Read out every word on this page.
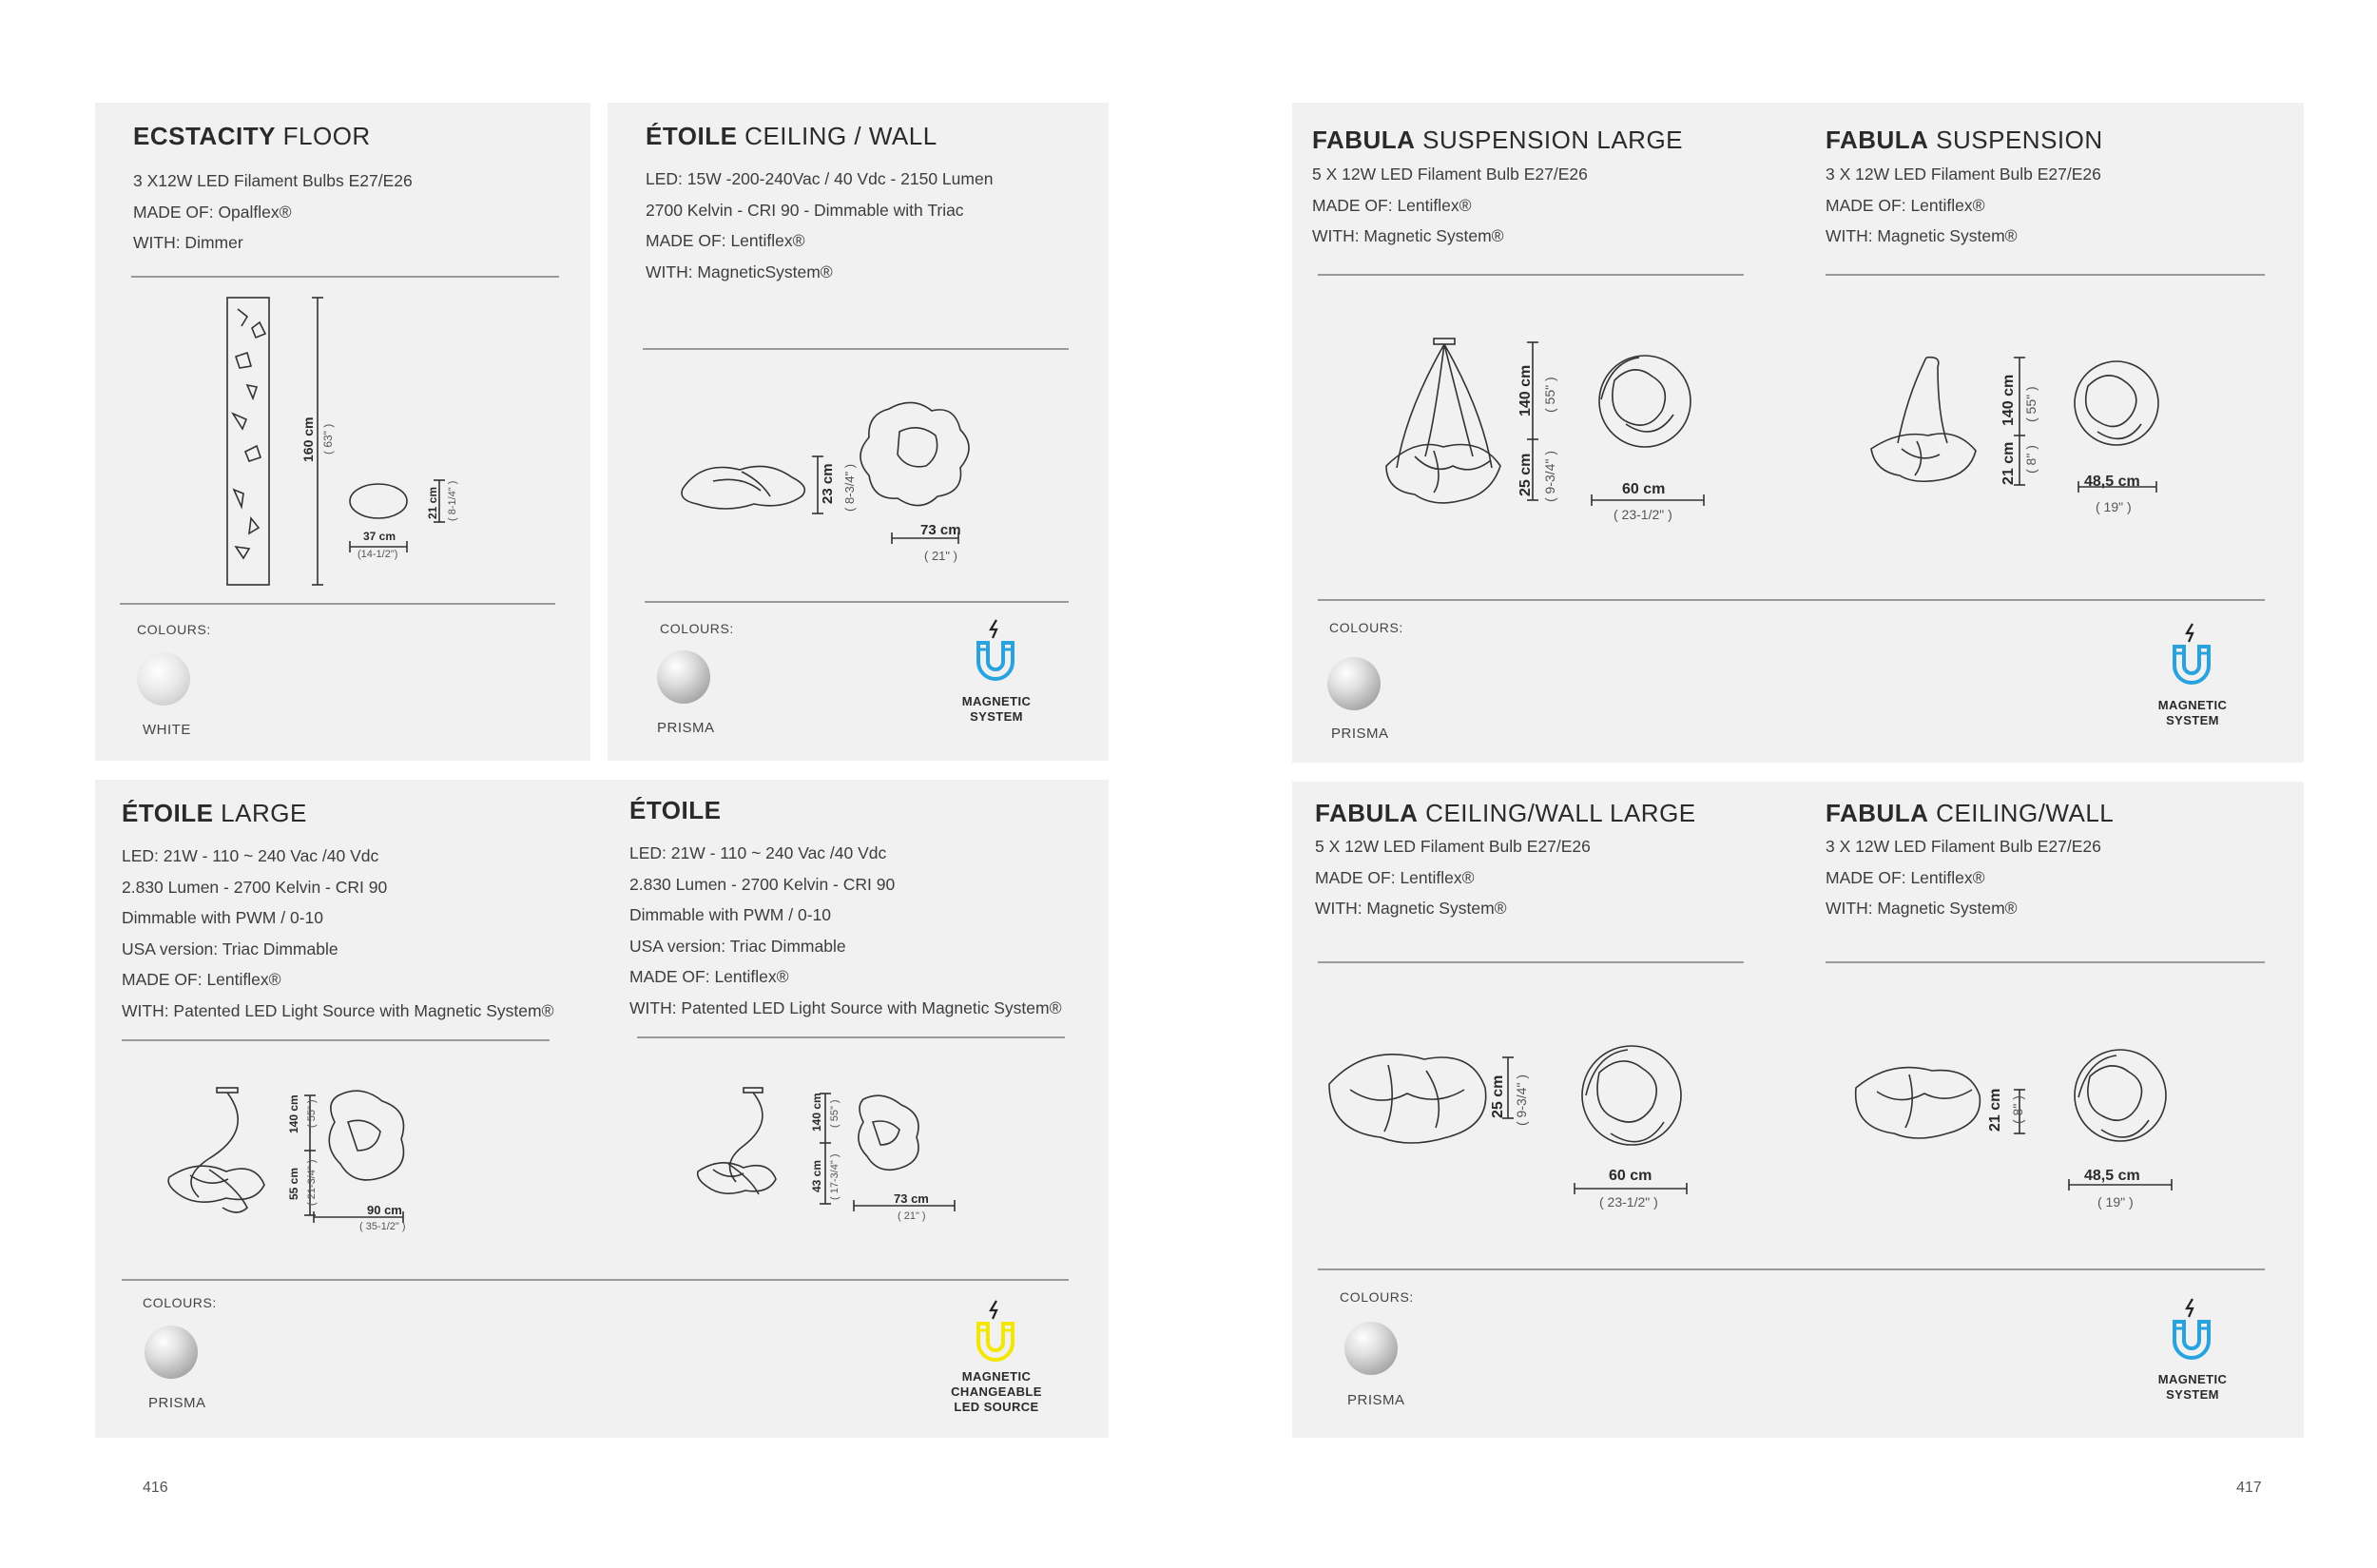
ECSTACITY FLOOR
3 X12W LED Filament Bulbs E27/E26
MADE OF: Opalflex®
WITH: Dimmer
160 cm ( 63" )
21 cm ( 8-1/4" )
37 cm
(14-1/2")
COLOURS:
WHITE
ÉTOILE CEILING / WALL
LED: 15W -200-240Vac / 40 Vdc - 2150 Lumen
2700 Kelvin - CRI 90 - Dimmable with Triac
MADE OF: Lentiflex®
WITH: MagneticSystem®
23 cm ( 8-3/4" )
73 cm
( 21" )
COLOURS:
PRISMA
MAGNETIC
SYSTEM
FABULA SUSPENSION LARGE
5 X 12W LED Filament Bulb E27/E26
MADE OF: Lentiflex®
WITH: Magnetic System®
140 cm ( 55" )
25 cm ( 9-3/4" )	60 cm
( 23-1/2" )
FABULA SUSPENSION
3 X 12W LED Filament Bulb E27/E26
MADE OF: Lentiflex®
WITH: Magnetic System®
140 cm ( 55" )
21 cm ( 8" )
48,5 cm
( 19" )
COLOURS:
PRISMA
MAGNETIC
SYSTEM
ÉTOILE LARGE
LED: 21W - 110 ~ 240 Vac /40 Vdc
2.830 Lumen - 2700 Kelvin - CRI 90
Dimmable with PWM / 0-10
USA version: Triac Dimmable
MADE OF: Lentiflex®
WITH: Patented LED Light Source with Magnetic System®
140 cm ( 55" )
55 cm ( 21-3/4" )
90 cm
( 35-1/2" )
ÉTOILE
LED: 21W - 110 ~ 240 Vac /40 Vdc
2.830 Lumen - 2700 Kelvin - CRI 90
Dimmable with PWM / 0-10
USA version: Triac Dimmable
MADE OF: Lentiflex®
WITH: Patented LED Light Source with Magnetic System®
140 cm ( 55" )
43 cm ( 17-3/4" )	73 cm
( 21" )
COLOURS:
PRISMA
MAGNETIC
CHANGEABLE
LED SOURCE
FABULA CEILING/WALL LARGE
5 X 12W LED Filament Bulb E27/E26
MADE OF: Lentiflex®
WITH: Magnetic System®
25 cm ( 9-3/4" )
60 cm
( 23-1/2" )
FABULA CEILING/WALL
3 X 12W LED Filament Bulb E27/E26
MADE OF: Lentiflex®
WITH: Magnetic System®
21 cm ( 8" )
48,5 cm
( 19" )
COLOURS:
PRISMA
MAGNETIC
SYSTEM
416	417
